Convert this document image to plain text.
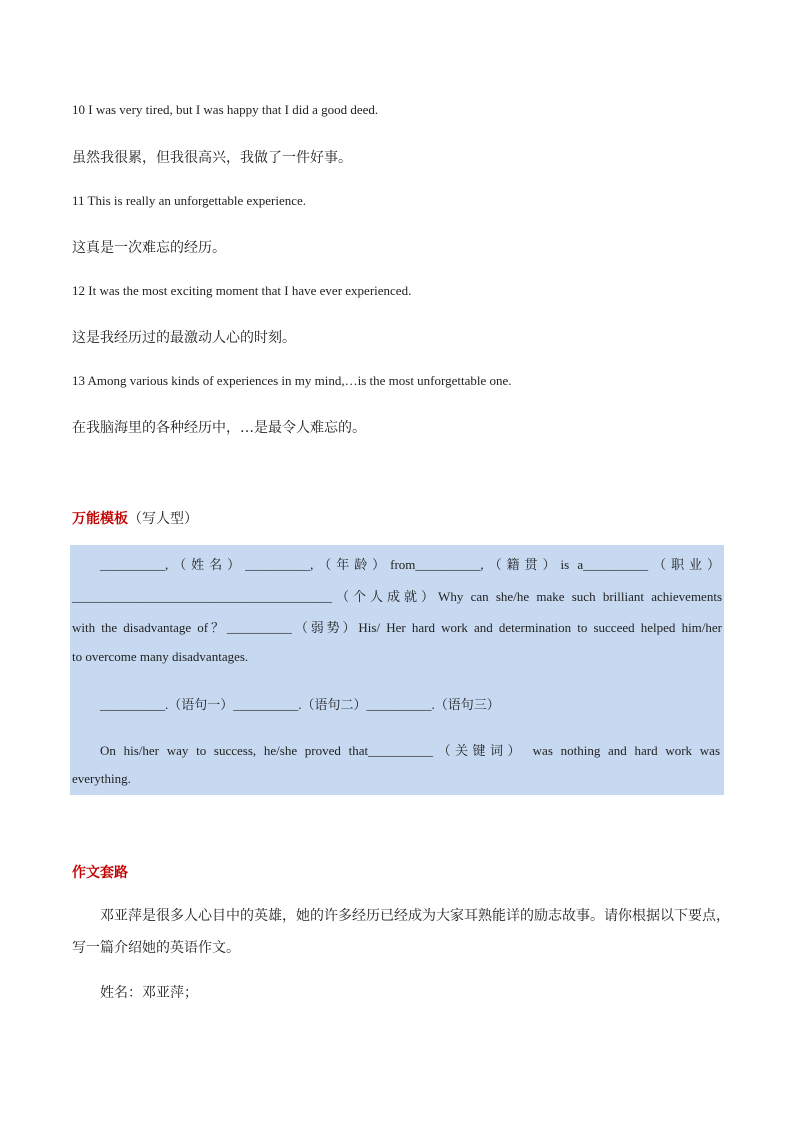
10 I was very tired, but I was happy that I did a good deed.
虽然我很累，但我很高兴，我做了一件好事。
11 This is really an unforgettable experience.
这真是一次难忘的经历。
12 It was the most exciting moment that I have ever experienced.
这是我经历过的最激动人心的时刻。
13 Among various kinds of experiences in my mind,…is the most unforgettable one.
在我脑海里的各种经历中，…是最令人难忘的。
万能模板（写人型）
__________,（姓名）__________,（年龄）from__________,（籍贯）is a__________（职业）
________________________________________（个人成就）Why can she/he make such brilliant achievements
with the disadvantage of？__________（弱势）His/ Her hard work and determination to succeed helped him/her
to overcome many disadvantages.
__________.（语句一）__________.（语句二）__________.（语句三）
On his/her way to success, he/she proved that__________（关键词） was nothing and hard work was
everything.
作文套路
邓亚萍是很多人心目中的英雄，她的许多经历已经成为大家耳熟能详的励志故事。请你根据以下要点，
写一篇介绍她的英语作文。
姓名：邓亚萍；
